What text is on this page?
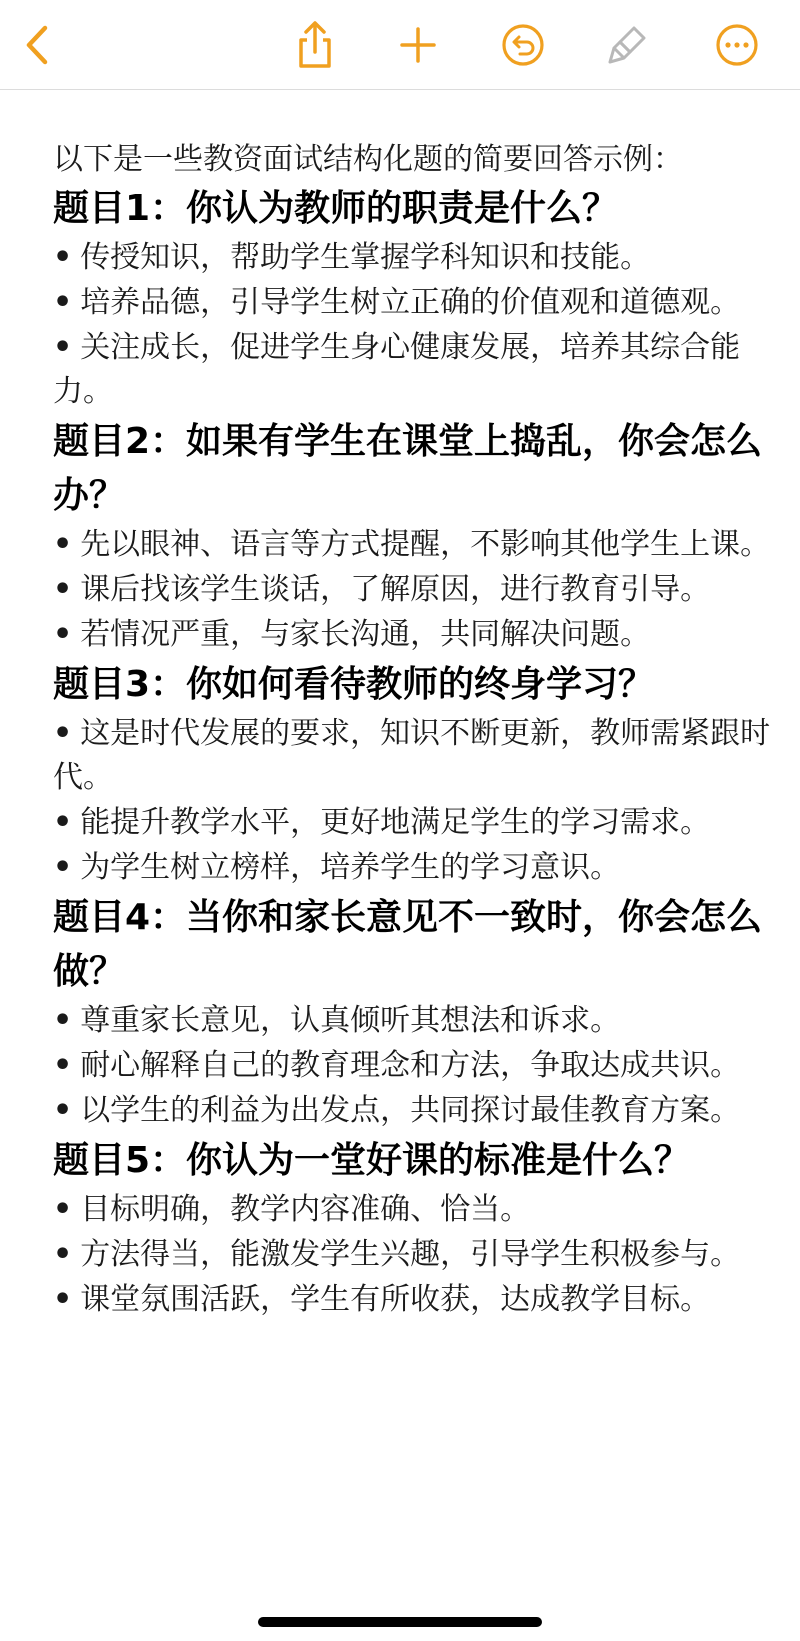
以下是一些教资面试结构化题的简要回答示例：
题目1：你认为教师的职责是什么？
• 传授知识，帮助学生掌握学科知识和技能。
• 培养品德，引导学生树立正确的价值观和道德观。
• 关注成长，促进学生身心健康发展，培养其综合能力。
题目2：如果有学生在课堂上捣乱，你会怎么办？
• 先以眼神、语言等方式提醒，不影响其他学生上课。
• 课后找该学生谈话，了解原因，进行教育引导。
• 若情况严重，与家长沟通，共同解决问题。
题目3：你如何看待教师的终身学习？
• 这是时代发展的要求，知识不断更新，教师需紧跟时代。
• 能提升教学水平，更好地满足学生的学习需求。
• 为学生树立榜样，培养学生的学习意识。
题目4：当你和家长意见不一致时，你会怎么做？
• 尊重家长意见，认真倾听其想法和诉求。
• 耐心解释自己的教育理念和方法，争取达成共识。
• 以学生的利益为出发点，共同探讨最佳教育方案。
题目5：你认为一堂好课的标准是什么？
• 目标明确，教学内容准确、恰当。
• 方法得当，能激发学生兴趣，引导学生积极参与。
• 课堂氛围活跃，学生有所收获，达成教学目标。
